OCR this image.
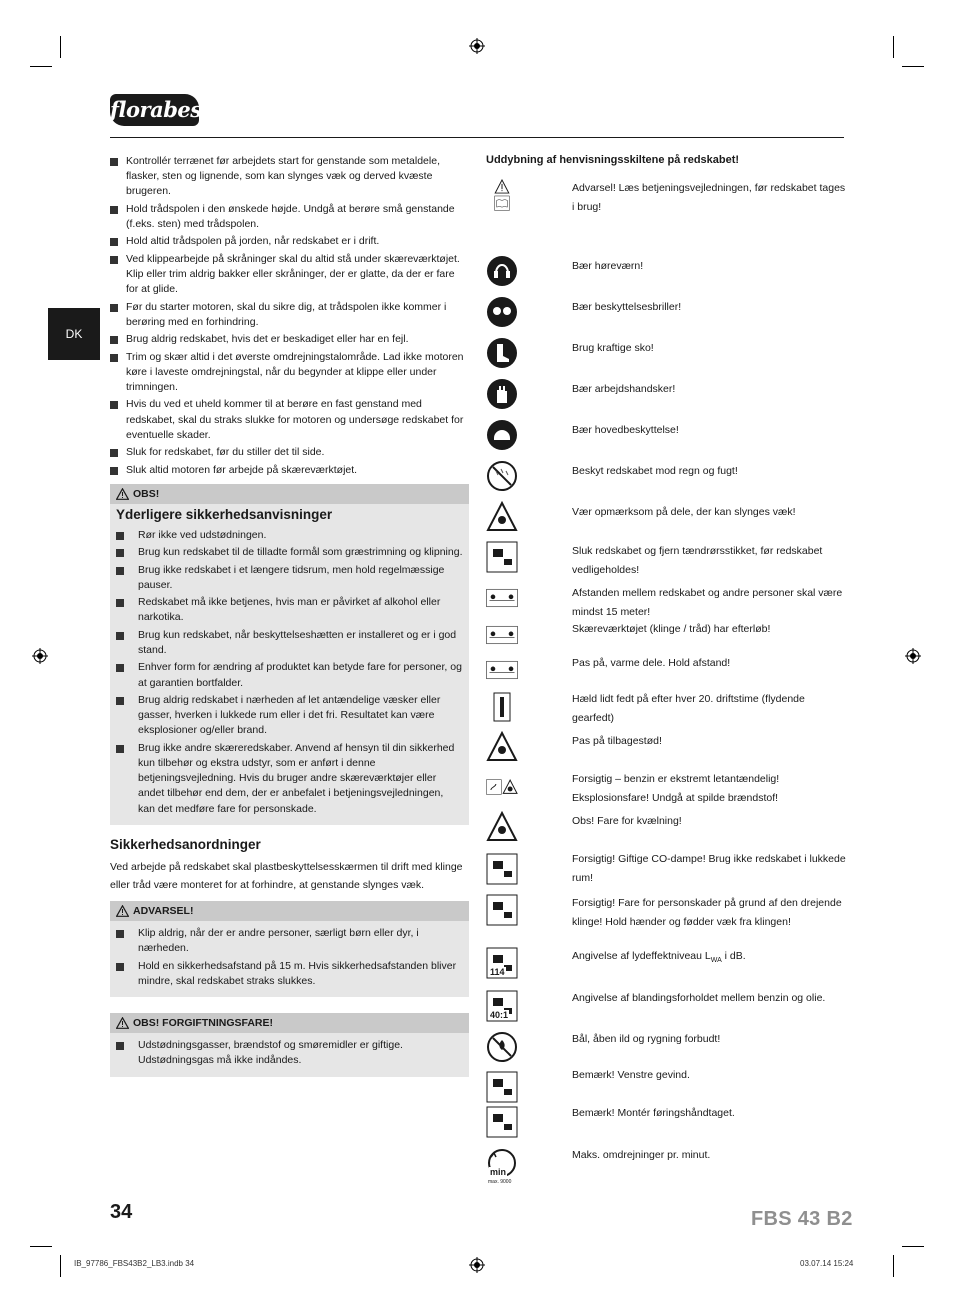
florabest
DK
Kontrollér terrænet før arbejdets start for genstande som metaldele, flasker, sten og lignende, som kan slynges væk og derved kvæste brugeren.
Hold trådspolen i den ønskede højde. Undgå at berøre små genstande (f.eks. sten) med trådspolen.
Hold altid trådspolen på jorden, når redskabet er i drift.
Ved klippearbejde på skråninger skal du altid stå under skæreværktøjet. Klip eller trim aldrig bakker eller skråninger, der er glatte, da der er fare for at glide.
Før du starter motoren, skal du sikre dig, at trådspolen ikke kommer i berøring med en forhindring.
Brug aldrig redskabet, hvis det er beskadiget eller har en fejl.
Trim og skær altid i det øverste omdrejningstalområde. Lad ikke motoren køre i laveste omdrejningstal, når du begynder at klippe eller under trimningen.
Hvis du ved et uheld kommer til at berøre en fast genstand med redskabet, skal du straks slukke for motoren og undersøge redskabet for eventuelle skader.
Sluk for redskabet, før du stiller det til side.
Sluk altid motoren før arbejde på skæreværktøjet.
OBS!
Yderligere sikkerhedsanvisninger
Rør ikke ved udstødningen.
Brug kun redskabet til de tilladte formål som græstrimning og klipning.
Brug ikke redskabet i et længere tidsrum, men hold regelmæssige pauser.
Redskabet må ikke betjenes, hvis man er påvirket af alkohol eller narkotika.
Brug kun redskabet, når beskyttelseshætten er installeret og er i god stand.
Enhver form for ændring af produktet kan betyde fare for personer, og at garantien bortfalder.
Brug aldrig redskabet i nærheden af let antændelige væsker eller gasser, hverken i lukkede rum eller i det fri. Resultatet kan være eksplosioner og/eller brand.
Brug ikke andre skæreredskaber. Anvend af hensyn til din sikkerhed kun tilbehør og ekstra udstyr, som er anført i denne betjeningsvejledning. Hvis du bruger andre skæreværktøjer eller andet tilbehør end dem, der er anbefalet i betjeningsvejledningen, kan det medføre fare for personskade.
Sikkerhedsanordninger

Ved arbejde på redskabet skal plastbeskyttelsesskærmen til drift med klinge eller tråd være monteret for at forhindre, at genstande slynges væk.

ADVARSEL!
Klip aldrig, når der er andre personer, særligt børn eller dyr, i nærheden.
Hold en sikkerhedsafstand på 15 m. Hvis sikkerhedsafstanden bliver mindre, skal redskabet straks slukkes.
OBS! FORGIFTNINGSFARE!
Udstødningsgasser, brændstof og smøremidler er giftige. Udstødningsgas må ikke indåndes.

Uddybning af henvisningsskiltene på redskabet!

Advarsel! Læs betjeningsvejledningen, før redskabet tages i brug!
Bær høreværn!
Bær beskyttelsesbriller!
Brug kraftige sko!
Bær arbejdshandsker!
Bær hovedbeskyttelse!
Beskyt redskabet mod regn og fugt!
Vær opmærksom på dele, der kan slynges væk!
Sluk redskabet og fjern tændrørsstikket, før redskabet vedligeholdes!
Afstanden mellem redskabet og andre personer skal være mindst 15 meter!
Skæreværktøjet (klinge / tråd) har efterløb!
Pas på, varme dele. Hold afstand!
Hæld lidt fedt på efter hver 20. driftstime (flydende gearfedt)
Pas på tilbagestød!
Forsigtig – benzin er ekstremt letantændelig! Eksplosionsfare! Undgå at spilde brændstof!
Obs! Fare for kvælning!
Forsigtig! Giftige CO-dampe! Brug ikke redskabet i lukkede rum!
Forsigtig! Fare for personskader på grund af den drejende klinge! Hold hænder og fødder væk fra klingen!
114
Angivelse af lydeffektniveau $L_{WA}$ i dB.
40:1
Angivelse af blandingsforholdet mellem benzin og olie.
Bål, åben ild og rygning forbudt!
Bemærk! Venstre gevind.
Bemærk! Montér føringshåndtaget.
min
max. 9000
Maks. omdrejninger pr. minut.
34	FBS 43 B2
IB_97786_FBS43B2_LB3.indb 34	03.07.14 15:24
